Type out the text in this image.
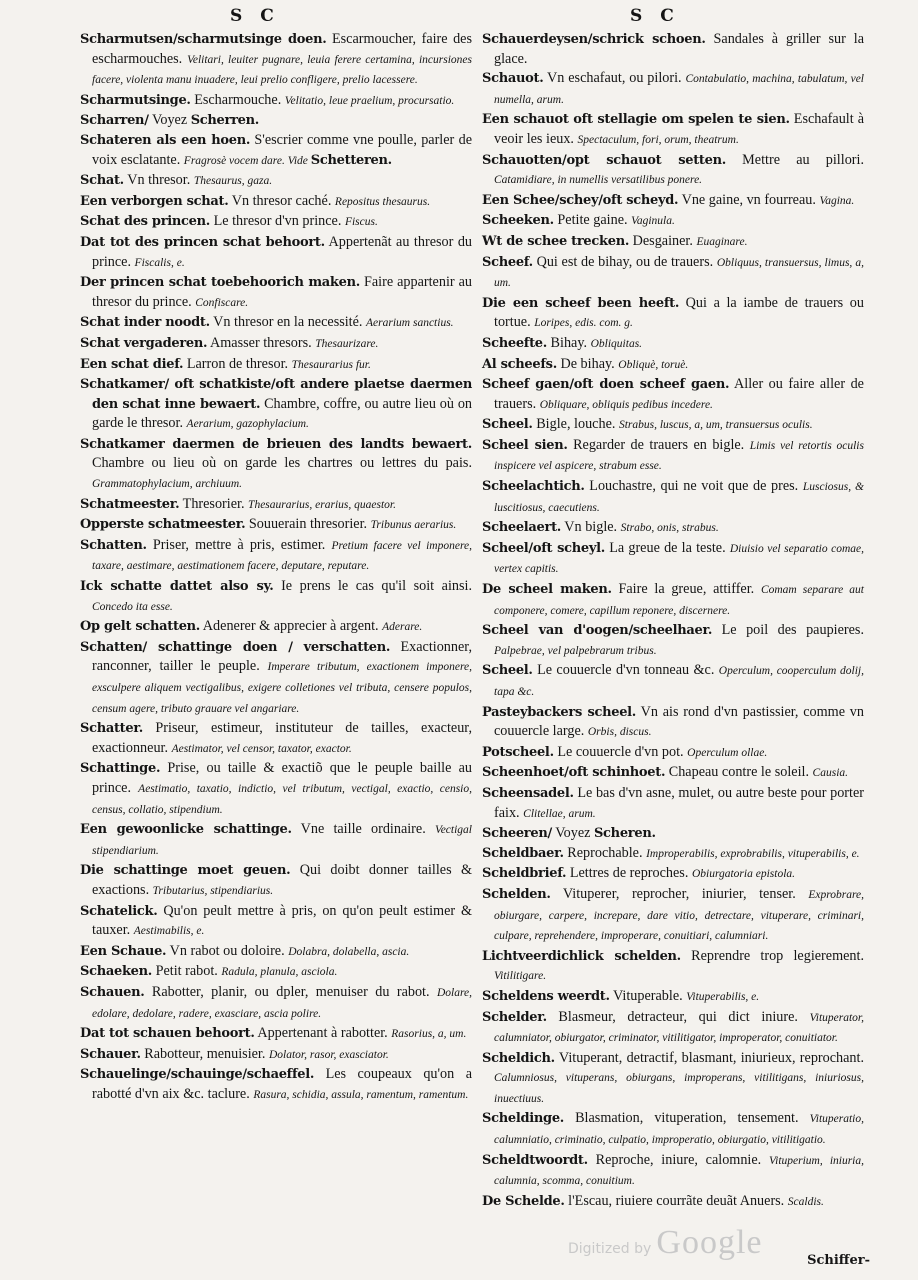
S C	S C

Scharmutsen/scharmutsinge doen. Escarmoucher, faire des escharmouches. Velitari, leuiter pugnare, leuia ferere certamina, incursiones facere, violenta manu inuadere, leui prelio confligere, prelio lacessere.

Scharmutsinge. Escharmouche. Velitatio, leue praelium, procursatio.

Scharren/ Voyez Scherren.

Schateren als een hoen. S'escrier comme vne poulle, parler de voix esclatante. Fragrosè vocem dare. Vide Schetteren.

Schat. Vn thresor. Thesaurus, gaza.

Een verborgen schat. Vn thresor caché. Repositus thesaurus.

Schat des princen. Le thresor d'vn prince. Fiscus.

Dat tot des princen schat behoort. Appertenãt au thresor du prince. Fiscalis, e.

Der princen schat toebehoorich maken. Faire appartenir au thresor du prince. Confiscare.

Schat inder noodt. Vn thresor en la necessité. Aerarium sanctius.

Schat vergaderen. Amasser thresors. Thesaurizare.

Een schat dief. Larron de thresor. Thesaurarius fur.

Schatkamer/ oft schatkiste/oft andere plaetse daermen den schat inne bewaert. Chambre, coffre, ou autre lieu où on garde le thresor. Aerarium, gazophylacium.

Schatkamer daermen de brieuen des landts bewaert. Chambre ou lieu où on garde les chartres ou lettres du pais. Grammatophylacium, archiuum.

Schatmeester. Thresorier. Thesaurarius, erarius, quaestor.

Opperste schatmeester. Souuerain thresorier. Tribunus aerarius.

Schatten. Priser, mettre à pris, estimer. Pretium facere vel imponere, taxare, aestimare, aestimationem facere, deputare, reputare.

Ick schatte dattet also sy. Ie prens le cas qu'il soit ainsi. Concedo ita esse.

Op gelt schatten. Adenerer & apprecier à argent. Aderare.

Schatten/ schattinge doen / verschatten. Exactionner, ranconner, tailler le peuple. Imperare tributum, exactionem imponere, exsculpere aliquem vectigalibus, exigere colletiones vel tributa, censere populos, censum agere, tributo grauare vel angariare.

Schatter. Priseur, estimeur, instituteur de tailles, exacteur, exactionneur. Aestimator, vel censor, taxator, exactor.

Schattinge. Prise, ou taille & exactiõ que le peuple baille au prince. Aestimatio, taxatio, indictio, vel tributum, vectigal, exactio, censio, census, collatio, stipendium.

Een gewoonlicke schattinge. Vne taille ordinaire. Vectigal stipendiarium.

Die schattinge moet geuen. Qui doibt donner tailles & exactions. Tributarius, stipendiarius.

Schatelick. Qu'on peult mettre à pris, on qu'on peult estimer & tauxer. Aestimabilis, e.

Een Schaue. Vn rabot ou doloire. Dolabra, dolabella, ascia.

Schaeken. Petit rabot. Radula, planula, asciola.

Schauen. Rabotter, planir, ou dpler, menuiser du rabot. Dolare, edolare, dedolare, radere, exasciare, ascia polire.

Dat tot schauen behoort. Appertenant à rabotter. Rasorius, a, um.

Schauer. Rabotteur, menuisier. Dolator, rasor, exasciator.

Schauelinge/schauinge/schaeffel. Les coupeaux qu'on a rabotté d'vn aix &c. taclure. Rasura, schidia, assula, ramentum, ramentum.

Schauerdeysen/schrick schoen. Sandales à griller sur la glace.

Schauot. Vn eschafaut, ou pilori. Contabulatio, machina, tabulatum, vel numella, arum.

Een schauot oft stellagie om spelen te sien. Eschafault à veoir les ieux. Spectaculum, fori, orum, theatrum.

Schauotten/opt schauot setten. Mettre au pillori. Catamidiare, in numellis versatilibus ponere.

Een Schee/schey/oft scheyd. Vne gaine, vn fourreau. Vagina.

Scheeken. Petite gaine. Vaginula.

Wt de schee trecken. Desgainer. Euaginare.

Scheef. Qui est de bihay, ou de trauers. Obliquus, transuersus, limus, a, um.

Die een scheef been heeft. Qui a la iambe de trauers ou tortue. Loripes, edis. com. g.

Scheefte. Bihay. Obliquitas.

Al scheefs. De bihay. Obliquè, toruè.

Scheef gaen/oft doen scheef gaen. Aller ou faire aller de trauers. Obliquare, obliquis pedibus incedere.

Scheel. Bigle, louche. Strabus, luscus, a, um, transuersus oculis.

Scheel sien. Regarder de trauers en bigle. Limis vel retortis oculis inspicere vel aspicere, strabum esse.

Scheelachtich. Louchastre, qui ne voit que de pres. Lusciosus, & luscitiosus, caecutiens.

Scheelaert. Vn bigle. Strabo, onis, strabus.

Scheel/oft scheyl. La greue de la teste. Diuisio vel separatio comae, vertex capitis.

De scheel maken. Faire la greue, attiffer. Comam separare aut componere, comere, capillum reponere, discernere.

Scheel van d'oogen/scheelhaer. Le poil des paupieres. Palpebrae, vel palpebrarum tribus.

Scheel. Le couuercle d'vn tonneau &c. Operculum, cooperculum dolij, tapa &c.

Pasteybackers scheel. Vn ais rond d'vn pastissier, comme vn couuercle large. Orbis, discus.

Potscheel. Le couuercle d'vn pot. Operculum ollae.

Scheenhoet/oft schinhoet. Chapeau contre le soleil. Causia.

Scheensadel. Le bas d'vn asne, mulet, ou autre beste pour porter faix. Clitellae, arum.

Scheeren/ Voyez Scheren.

Scheldbaer. Reprochable. Improperabilis, exprobrabilis, vituperabilis, e.

Scheldbrief. Lettres de reproches. Obiurgatoria epistola.

Schelden. Vituperer, reprocher, iniurier, tenser. Exprobrare, obiurgare, carpere, increpare, dare vitio, detrectare, vituperare, criminari, culpare, reprehendere, improperare, conuitiari, calumniari.

Lichtveerdichlick schelden. Reprendre trop legierement. Vitilitigare.

Scheldens weerdt. Vituperable. Vituperabilis, e.

Schelder. Blasmeur, detracteur, qui dict iniure. Vituperator, calumniator, obiurgator, criminator, vitilitigator, improperator, conuitiator.

Scheldich. Vituperant, detractif, blasmant, iniurieux, reprochant. Calumniosus, vituperans, obiurgans, improperans, vitilitigans, iniuriosus, inuectiuus.

Scheldinge. Blasmation, vituperation, tensement. Vituperatio, calumniatio, criminatio, culpatio, improperatio, obiurgatio, vitilitigatio.

Scheldtwoordt. Reproche, iniure, calomnie. Vituperium, iniuria, calumnia, scomma, conuitium.

De Schelde. l'Escau, riuiere courrãte deuãt Anuers. Scaldis.

Schiffer-
Digitized by Google
